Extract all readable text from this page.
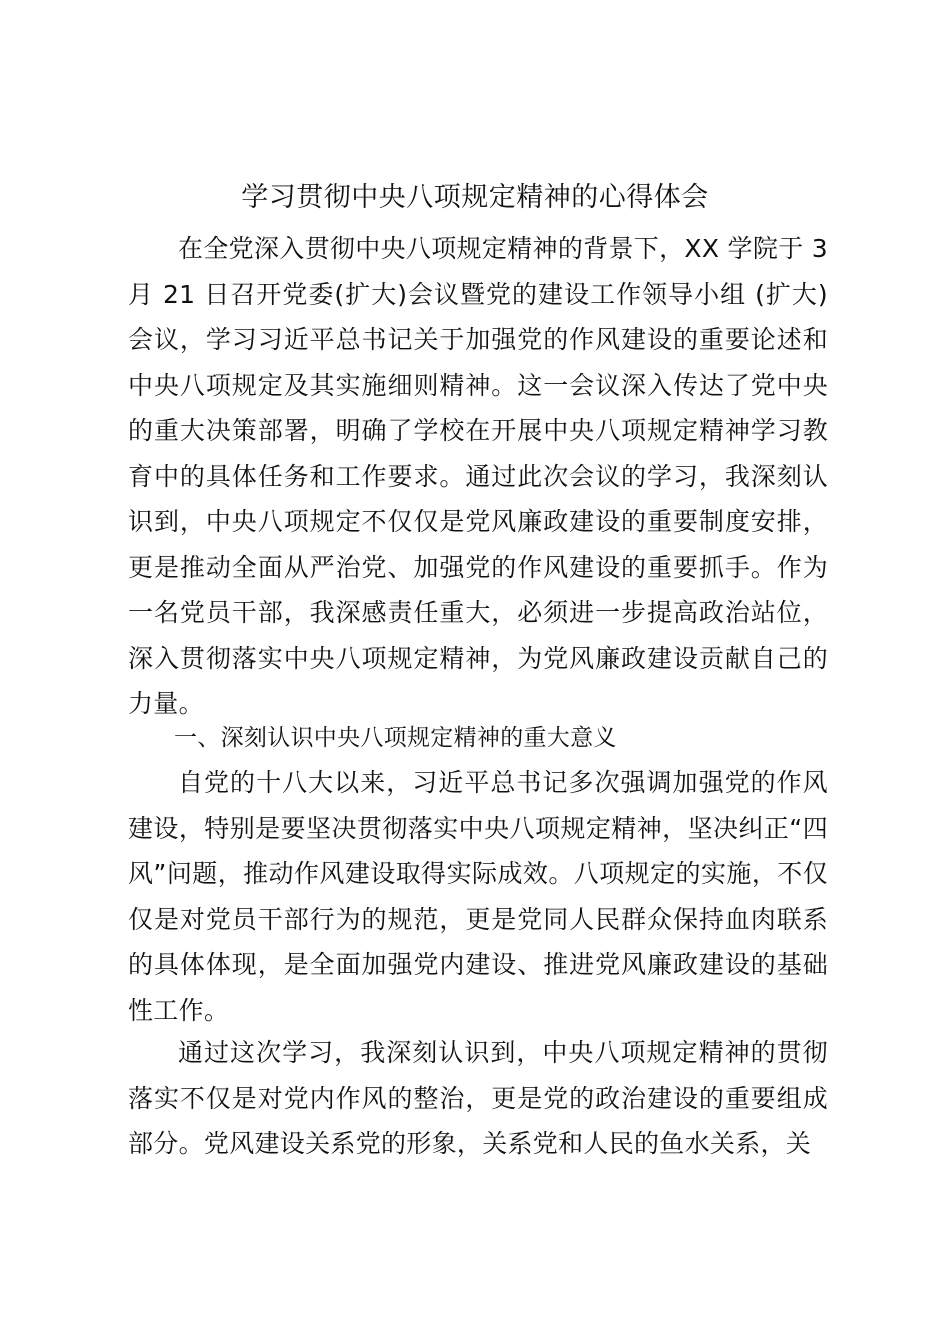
学习贯彻中央八项规定精神的心得体会

在全党深入贯彻中央八项规定精神的背景下，XX 学院于 3 月 21 日召开党委(扩大)会议暨党的建设工作领导小组 (扩大)会议，学习习近平总书记关于加强党的作风建设的重要论述和中央八项规定及其实施细则精神。这一会议深入传达了党中央的重大决策部署，明确了学校在开展中央八项规定精神学习教育中的具体任务和工作要求。通过此次会议的学习，我深刻认识到，中央八项规定不仅仅是党风廉政建设的重要制度安排，更是推动全面从严治党、加强党的作风建设的重要抓手。作为一名党员干部，我深感责任重大，必须进一步提高政治站位，深入贯彻落实中央八项规定精神，为党风廉政建设贡献自己的力量。

一、深刻认识中央八项规定精神的重大意义

自党的十八大以来，习近平总书记多次强调加强党的作风建设，特别是要坚决贯彻落实中央八项规定精神，坚决纠正“四风”问题，推动作风建设取得实际成效。八项规定的实施，不仅仅是对党员干部行为的规范，更是党同人民群众保持血肉联系的具体体现，是全面加强党内建设、推进党风廉政建设的基础性工作。

通过这次学习，我深刻认识到，中央八项规定精神的贯彻落实不仅是对党内作风的整治，更是党的政治建设的重要组成部分。党风建设关系党的形象，关系党和人民的鱼水关系，关
